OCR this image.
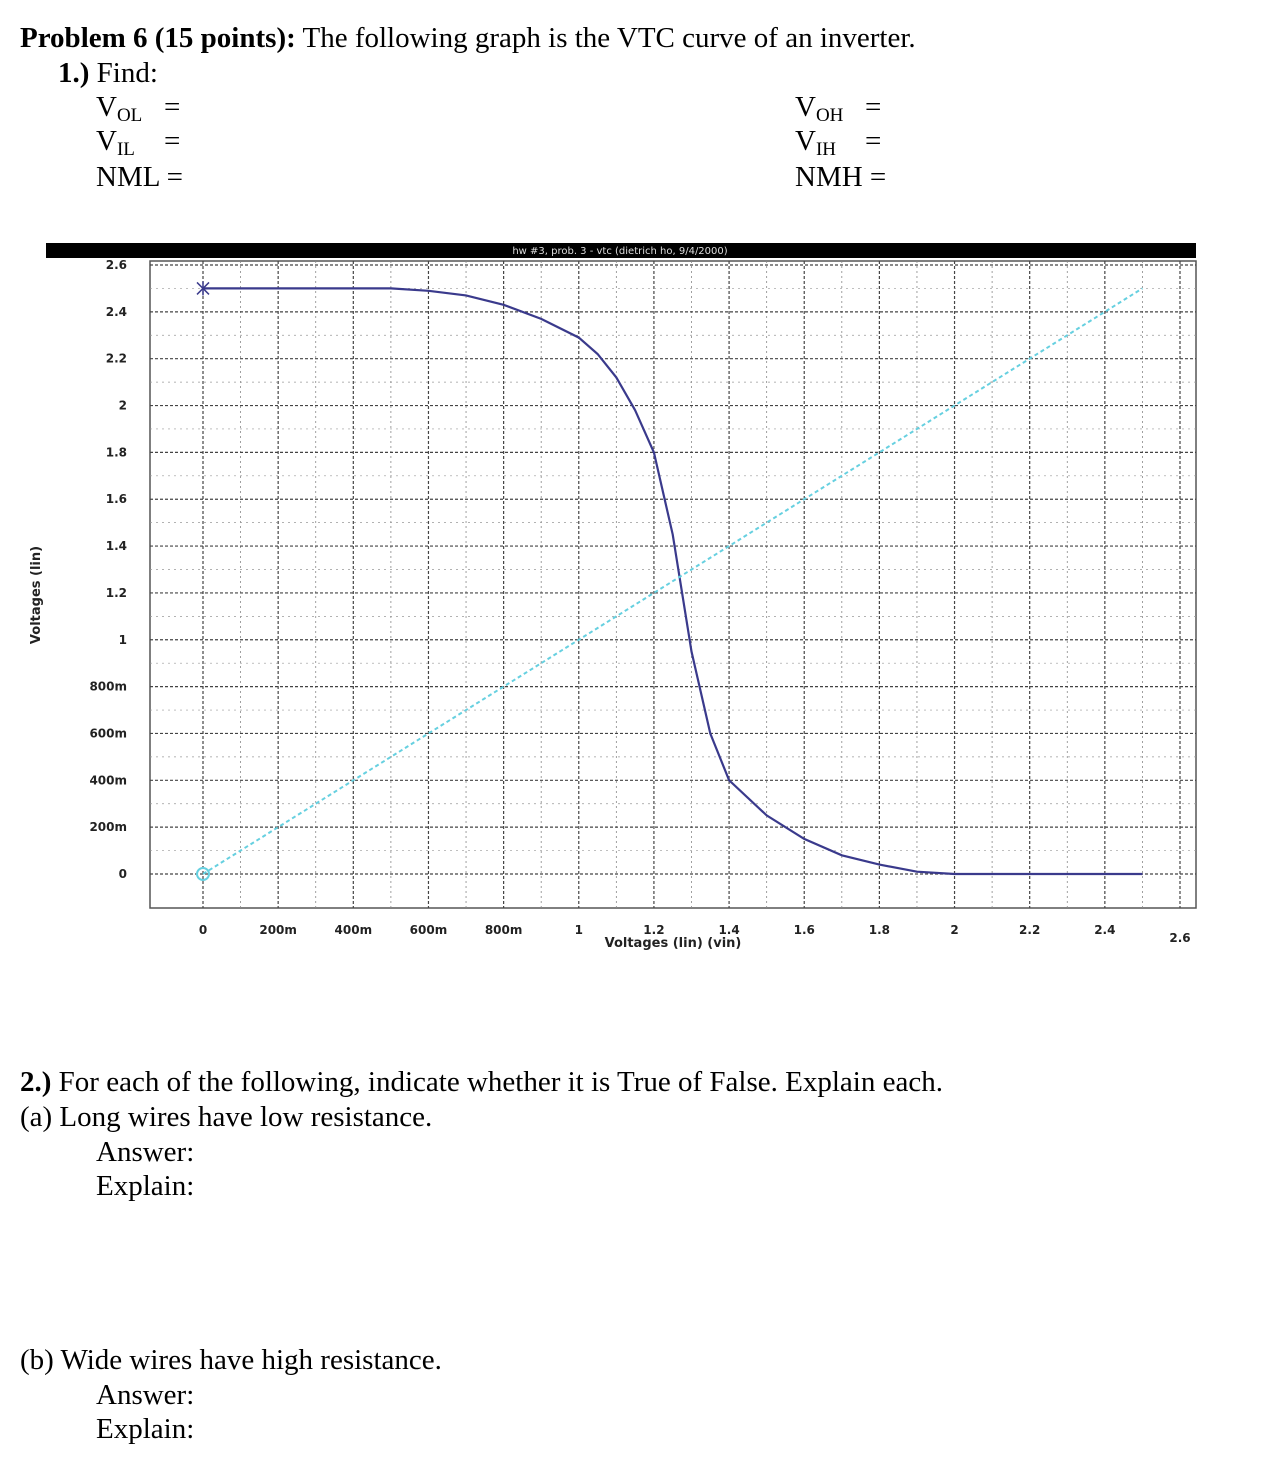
Problem 6 (15 points): The following graph is the VTC curve of an inverter.
1.) Find:
VOL =
VIL =
NML =
VOH =
VIH =
NMH =
hw #3, prob. 3 - vtc (dietrich ho, 9/4/2000)
0	200m	400m	600m	800m	1	1.2	1.4	1.6	1.8	2	2.2	2.4
2.6
0
200m
400m
600m
800m
1
1.2
1.4
1.6
1.8
2
2.2
2.4
2.6
Voltages (lin) (vin)
Voltages (lin)
2.) For each of the following, indicate whether it is True of False. Explain each.
(a) Long wires have low resistance.
Answer:
Explain:
(b) Wide wires have high resistance.
Answer:
Explain:
